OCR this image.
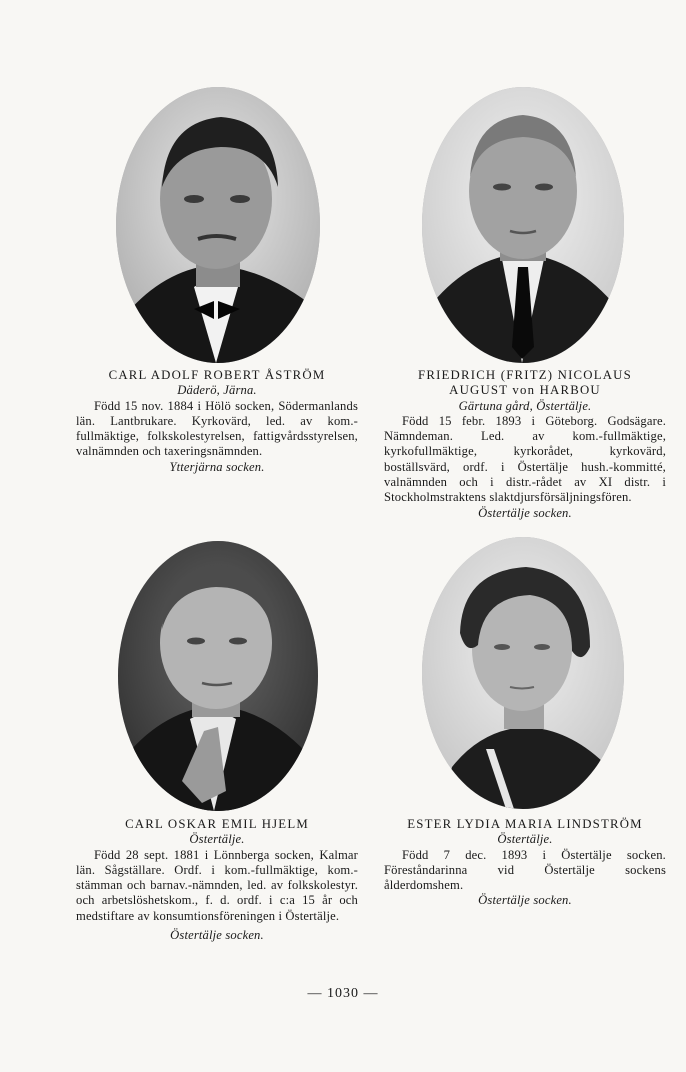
CARL ADOLF ROBERT ÅSTRÖM
Däderö, Järna.
Född 15 nov. 1884 i Hölö socken, Södermanlands län. Lantbrukare. Kyrkovärd, led. av kom.-fullmäktige, folkskolestyrelsen, fattigvårdsstyrelsen, valnämnden och taxeringsnämnden.
Ytterjärna socken.
FRIEDRICH (FRITZ) NICOLAUS
AUGUST von HARBOU
Gärtuna gård, Östertälje.
Född 15 febr. 1893 i Göteborg. Godsägare. Nämndeman. Led. av kom.-fullmäktige, kyrkofullmäktige, kyrkorådet, kyrkovärd, boställsvärd, ordf. i Östertälje hush.-kommitté, valnämnden och i distr.-rådet av XI distr. i Stockholmstraktens slaktdjursförsäljningsfören.
Östertälje socken.
CARL OSKAR EMIL HJELM
Östertälje.
Född 28 sept. 1881 i Lönnberga socken, Kalmar län. Sågställare. Ordf. i kom.-fullmäktige, kom.-stämman och barnav.-nämnden, led. av folkskolestyr. och arbetslöshetskom., f. d. ordf. i c:a 15 år och medstiftare av konsumtionsföreningen i Östertälje.
Östertälje socken.
ESTER LYDIA MARIA LINDSTRÖM
Östertälje.
Född 7 dec. 1893 i Östertälje socken. Föreståndarinna vid Östertälje sockens ålderdomshem.
Östertälje socken.
— 1030 —
